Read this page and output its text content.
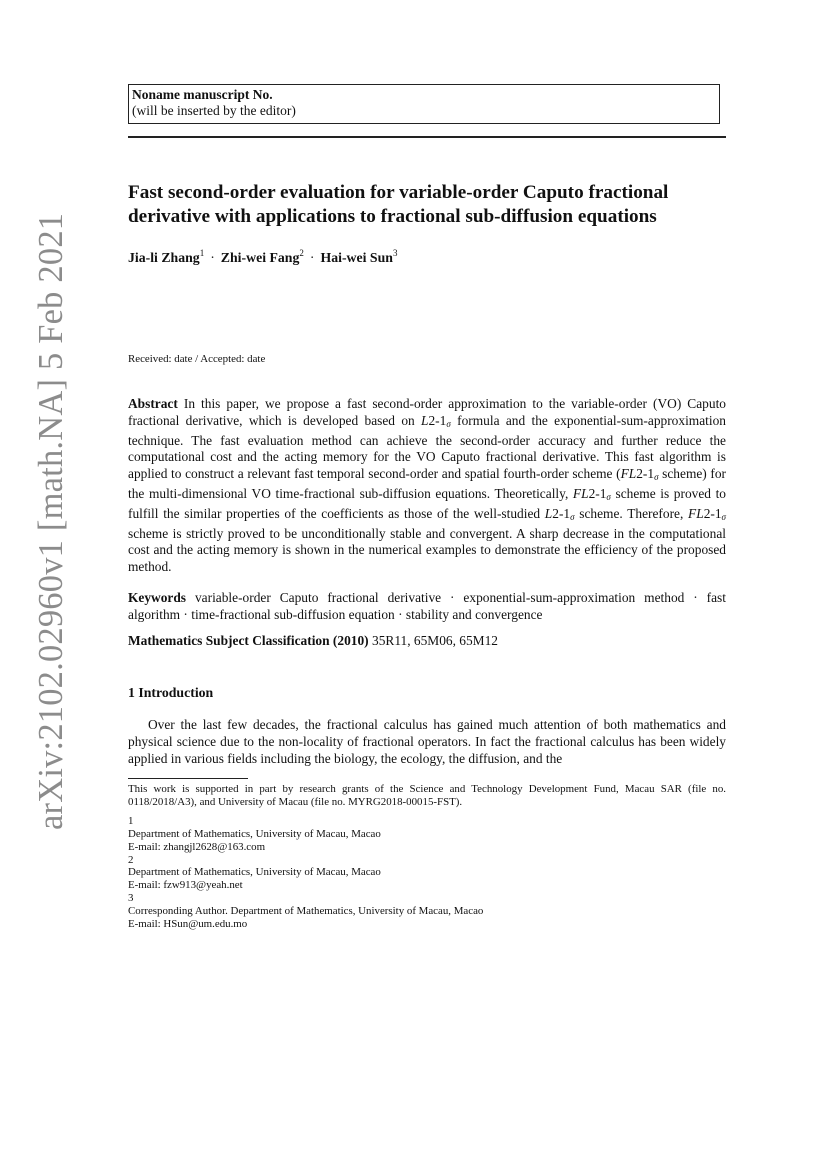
arXiv:2102.02960v1 [math.NA] 5 Feb 2021
Noname manuscript No.
(will be inserted by the editor)
Fast second-order evaluation for variable-order Caputo fractional derivative with applications to fractional sub-diffusion equations
Jia-li Zhang$^1$ · Zhi-wei Fang$^2$ · Hai-wei Sun$^3$
Received: date / Accepted: date
Abstract In this paper, we propose a fast second-order approximation to the variable-order (VO) Caputo fractional derivative, which is developed based on L2-1σ formula and the exponential-sum-approximation technique. The fast evaluation method can achieve the second-order accuracy and further reduce the computational cost and the acting memory for the VO Caputo fractional derivative. This fast algorithm is applied to construct a relevant fast temporal second-order and spatial fourth-order scheme (FL2-1σ scheme) for the multi-dimensional VO time-fractional sub-diffusion equations. Theoretically, FL2-1σ scheme is proved to fulfill the similar properties of the coefficients as those of the well-studied L2-1σ scheme. Therefore, FL2-1σ scheme is strictly proved to be unconditionally stable and convergent. A sharp decrease in the computational cost and the acting memory is shown in the numerical examples to demonstrate the efficiency of the proposed method.
Keywords variable-order Caputo fractional derivative · exponential-sum-approximation method · fast algorithm · time-fractional sub-diffusion equation · stability and convergence
Mathematics Subject Classification (2010) 35R11, 65M06, 65M12
1 Introduction
Over the last few decades, the fractional calculus has gained much attention of both mathematics and physical science due to the non-locality of fractional operators. In fact the fractional calculus has been widely applied in various fields including the biology, the ecology, the diffusion, and the
This work is supported in part by research grants of the Science and Technology Development Fund, Macau SAR (file no. 0118/2018/A3), and University of Macau (file no. MYRG2018-00015-FST).
1
Department of Mathematics, University of Macau, Macao
E-mail: zhangjl2628@163.com
2
Department of Mathematics, University of Macau, Macao
E-mail: fzw913@yeah.net
3
Corresponding Author. Department of Mathematics, University of Macau, Macao
E-mail: HSun@um.edu.mo
